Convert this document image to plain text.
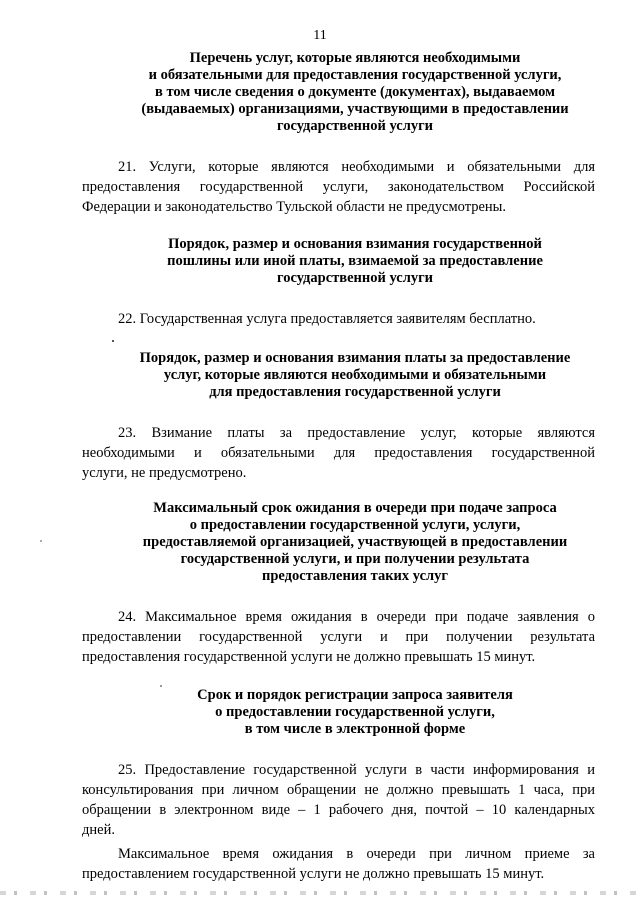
11
Перечень услуг, которые являются необходимыми
и обязательными для предоставления государственной услуги,
в том числе сведения о документе (документах), выдаваемом
(выдаваемых) организациями, участвующими в предоставлении
государственной услуги
21. Услуги, которые являются необходимыми и обязательными для
предоставления государственной услуги, законодательством Российской
Федерации и законодательство Тульской области не предусмотрены.
Порядок, размер и основания взимания государственной
пошлины или иной платы, взимаемой за предоставление
государственной услуги
22. Государственная услуга предоставляется заявителям бесплатно.
Порядок, размер и основания взимания платы за предоставление
услуг, которые являются необходимыми и обязательными
для предоставления государственной услуги
23. Взимание платы за предоставление услуг, которые являются
необходимыми и обязательными для предоставления государственной
услуги, не предусмотрено.
Максимальный срок ожидания в очереди при подаче запроса
о предоставлении государственной услуги, услуги,
предоставляемой организацией, участвующей в предоставлении
государственной услуги, и при получении результата
предоставления таких услуг
24. Максимальное время ожидания в очереди при подаче заявления о
предоставлении государственной услуги и при получении результата
предоставления государственной услуги не должно превышать 15 минут.
Срок и порядок регистрации запроса заявителя
о предоставлении государственной услуги,
в том числе в электронной форме
25. Предоставление государственной услуги в части информирования и
консультирования при личном обращении не должно превышать 1 часа, при
обращении в электронном виде – 1 рабочего дня, почтой – 10 календарных
дней.
Максимальное время ожидания в очереди при личном приеме за
предоставлением государственной услуги не должно превышать 15 минут.
